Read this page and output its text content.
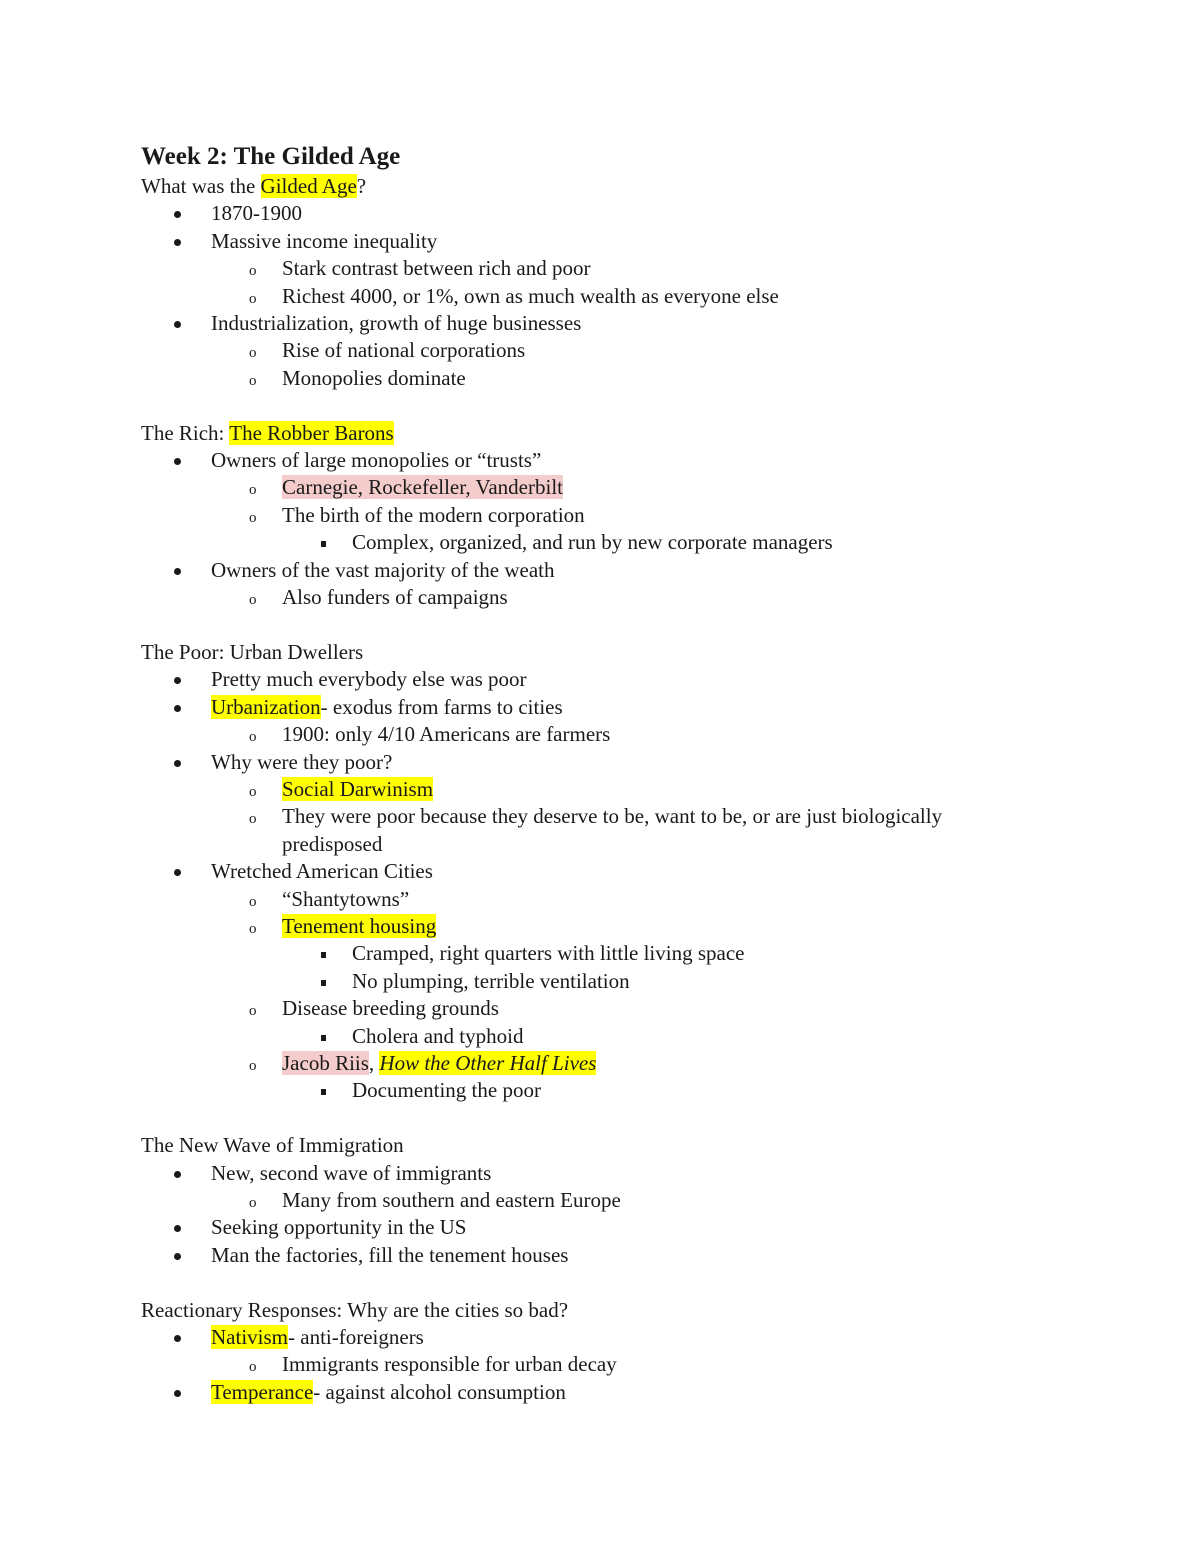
Week 2: The Gilded Age
What was the Gilded Age?
1870-1900
Massive income inequality
o Stark contrast between rich and poor
o Richest 4000, or 1%, own as much wealth as everyone else
Industrialization, growth of huge businesses
o Rise of national corporations
o Monopolies dominate
The Rich: The Robber Barons
Owners of large monopolies or “trusts”
o Carnegie, Rockefeller, Vanderbilt
o The birth of the modern corporation
Complex, organized, and run by new corporate managers
Owners of the vast majority of the weath
o Also funders of campaigns
The Poor: Urban Dwellers
Pretty much everybody else was poor
Urbanization- exodus from farms to cities
o 1900: only 4/10 Americans are farmers
Why were they poor?
o Social Darwinism
o They were poor because they deserve to be, want to be, or are just biologically predisposed
Wretched American Cities
o “Shantytowns”
o Tenement housing
Cramped, right quarters with little living space
No plumping, terrible ventilation
o Disease breeding grounds
Cholera and typhoid
o Jacob Riis, How the Other Half Lives
Documenting the poor
The New Wave of Immigration
New, second wave of immigrants
o Many from southern and eastern Europe
Seeking opportunity in the US
Man the factories, fill the tenement houses
Reactionary Responses: Why are the cities so bad?
Nativism- anti-foreigners
o Immigrants responsible for urban decay
Temperance- against alcohol consumption
